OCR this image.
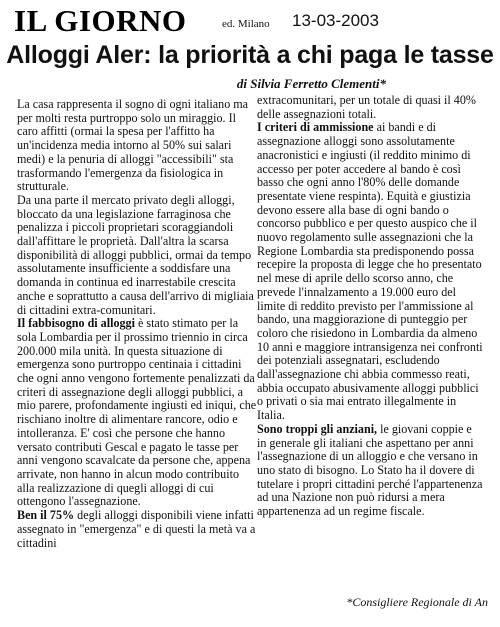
IL GIORNO	ed. Milano 13-03-2003
Alloggi Aler: la priorità a chi paga le tasse
di Silvia Ferretto Clementi*

La casa rappresenta il sogno di ogni italiano ma per molti resta purtroppo solo un miraggio. Il caro affitti (ormai la spesa per l'affitto ha un'incidenza media intorno al 50% sui salari medi) e la penuria di alloggi "accessibili" sta trasformando l'emergenza da fisiologica in strutturale.

Da una parte il mercato privato degli alloggi, bloccato da una legislazione farraginosa che penalizza i piccoli proprietari scoraggiandoli dall'affittare le proprietà. Dall'altra la scarsa disponibilità di alloggi pubblici, ormai da tempo assolutamente insufficiente a soddisfare una domanda in continua ed inarrestabile crescita anche e soprattutto a causa dell'arrivo di migliaia di cittadini extra-comunitari.

Il fabbisogno di alloggi è stato stimato per la sola Lombardia per il prossimo triennio in circa 200.000 mila unità. In questa situazione di emergenza sono purtroppo centinaia i cittadini che ogni anno vengono fortemente penalizzati da criteri di assegnazione degli alloggi pubblici, a mio parere, profondamente ingiusti ed iniqui, che rischiano inoltre di alimentare rancore, odio e intolleranza. E' così che persone che hanno versato contributi Gescal e pagato le tasse per anni vengono scavalcate da persone che, appena arrivate, non hanno in alcun modo contribuito alla realizzazione di quegli alloggi di cui ottengono l'assegnazione.

Ben il 75% degli alloggi disponibili viene infatti assegnato in "emergenza" e di questi la metà va a cittadini

extracomunitari, per un totale di quasi il 40% delle assegnazioni totali.

I criteri di ammissione ai bandi e di assegnazione alloggi sono assolutamente anacronistici e ingiusti (il reddito minimo di accesso per poter accedere al bando è così basso che ogni anno l'80% delle domande presentate viene respinta). Equità e giustizia devono essere alla base di ogni bando o concorso pubblico e per questo auspico che il nuovo regolamento sulle assegnazioni che la Regione Lombardia sta predisponendo possa recepire la proposta di legge che ho presentato nel mese di aprile dello scorso anno, che prevede l'innalzamento a 19.000 euro del limite di reddito previsto per l'ammissione al bando, una maggiorazione di punteggio per coloro che risiedono in Lombardia da almeno 10 anni e maggiore intransigenza nei confronti dei potenziali assegnatari, escludendo dall'assegnazione chi abbia commesso reati, abbia occupato abusivamente alloggi pubblici o privati o sia mai entrato illegalmente in Italia.

Sono troppi gli anziani, le giovani coppie e in generale gli italiani che aspettano per anni l'assegnazione di un alloggio e che versano in uno stato di bisogno. Lo Stato ha il dovere di tutelare i propri cittadini perché l'appartenenza ad una Nazione non può ridursi a mera appartenenza ad un regime fiscale.

*Consigliere Regionale di An
